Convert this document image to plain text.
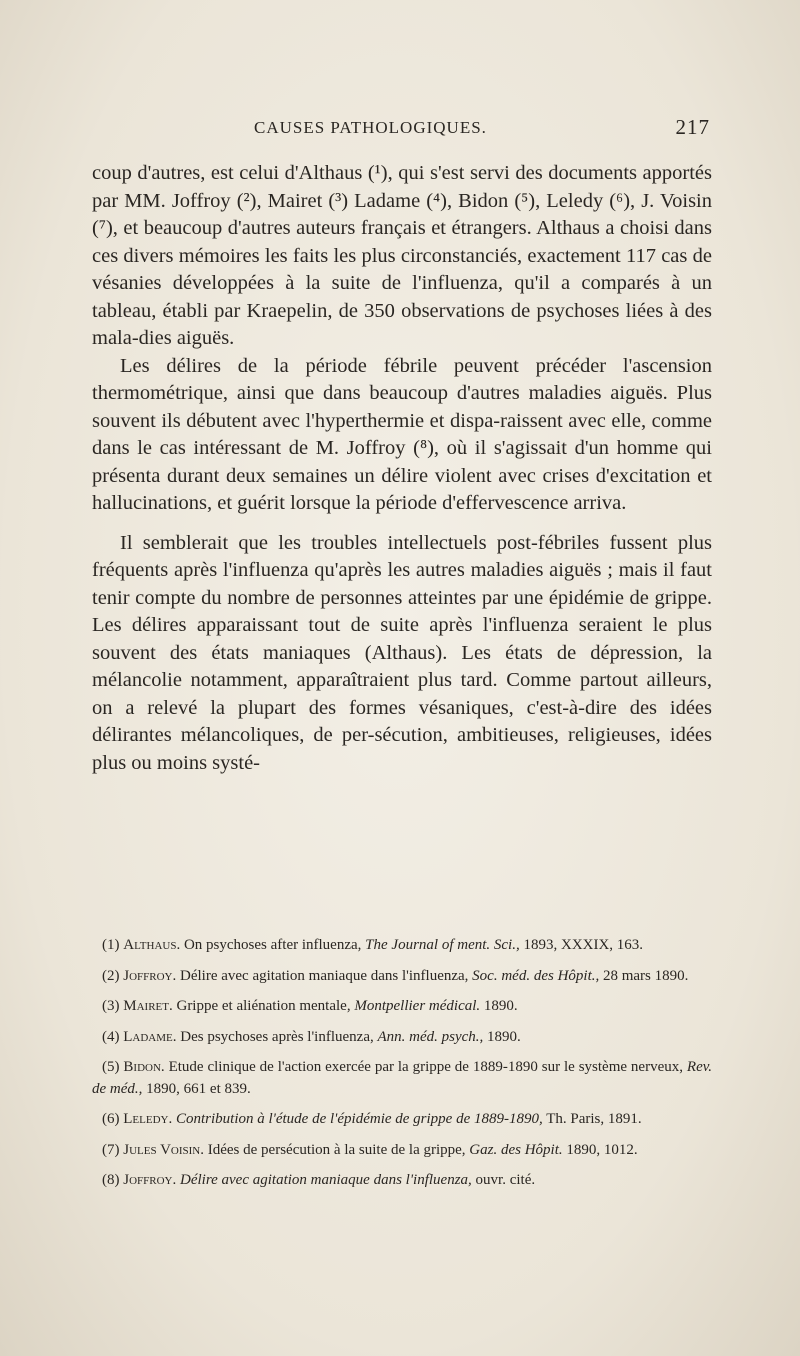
CAUSES PATHOLOGIQUES.	217

coup d'autres, est celui d'Althaus (¹), qui s'est servi des documents apportés par MM. Joffroy (²), Mairet (³) Ladame (⁴), Bidon (⁵), Leledy (⁶), J. Voisin (⁷), et beaucoup d'autres auteurs français et étrangers. Althaus a choisi dans ces divers mémoires les faits les plus circonstanciés, exactement 117 cas de vésanies développées à la suite de l'influenza, qu'il a comparés à un tableau, établi par Kraepelin, de 350 observations de psychoses liées à des mala-dies aiguës.

Les délires de la période fébrile peuvent précéder l'ascension thermométrique, ainsi que dans beaucoup d'autres maladies aiguës. Plus souvent ils débutent avec l'hyperthermie et dispa-raissent avec elle, comme dans le cas intéressant de M. Joffroy (⁸), où il s'agissait d'un homme qui présenta durant deux semaines un délire violent avec crises d'excitation et hallucinations, et guérit lorsque la période d'effervescence arriva.

Il semblerait que les troubles intellectuels post-fébriles fussent plus fréquents après l'influenza qu'après les autres maladies aiguës ; mais il faut tenir compte du nombre de personnes atteintes par une épidémie de grippe. Les délires apparaissant tout de suite après l'influenza seraient le plus souvent des états maniaques (Althaus). Les états de dépression, la mélancolie notamment, apparaîtraient plus tard. Comme partout ailleurs, on a relevé la plupart des formes vésaniques, c'est-à-dire des idées délirantes mélancoliques, de per-sécution, ambitieuses, religieuses, idées plus ou moins systé-

(1) Althaus. On psychoses after influenza, The Journal of ment. Sci., 1893, XXXIX, 163.

(2) Joffroy. Délire avec agitation maniaque dans l'influenza, Soc. méd. des Hôpit., 28 mars 1890.

(3) Mairet. Grippe et aliénation mentale, Montpellier médical. 1890.

(4) Ladame. Des psychoses après l'influenza, Ann. méd. psych., 1890.

(5) Bidon. Etude clinique de l'action exercée par la grippe de 1889-1890 sur le système nerveux, Rev. de méd., 1890, 661 et 839.

(6) Leledy. Contribution à l'étude de l'épidémie de grippe de 1889-1890, Th. Paris, 1891.

(7) Jules Voisin. Idées de persécution à la suite de la grippe, Gaz. des Hôpit. 1890, 1012.

(8) Joffroy. Délire avec agitation maniaque dans l'influenza, ouvr. cité.
